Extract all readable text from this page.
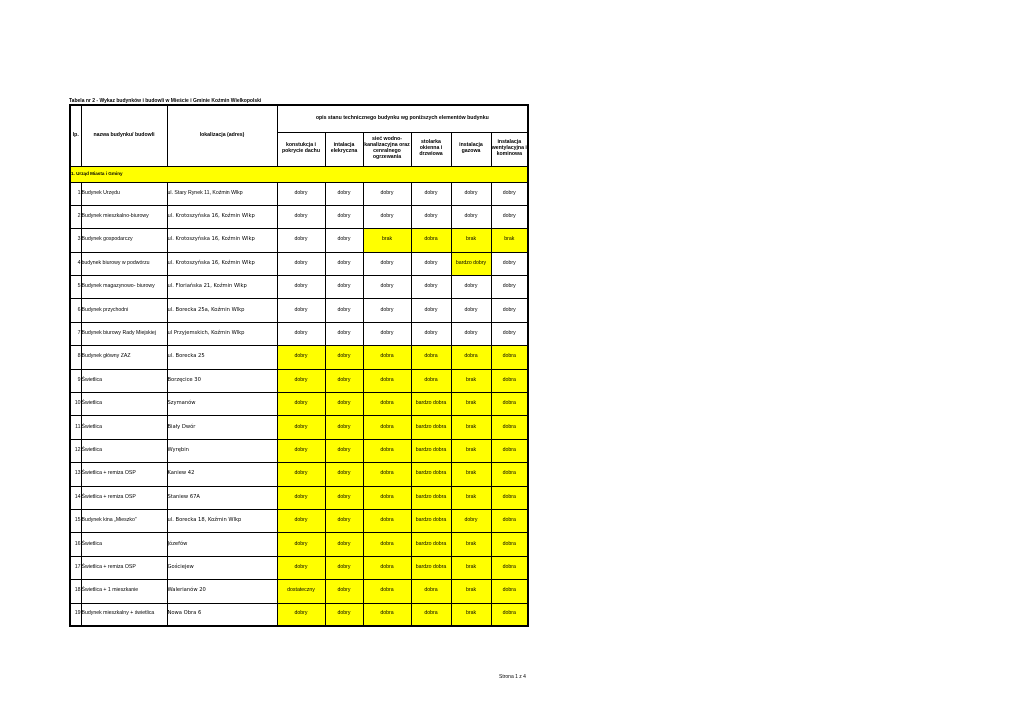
Tabela nr 2 - Wykaz budynków i budowli w Mieście i Gminie Koźmin Wielkopolski
lp.	nazwa budynku/ budowli	lokalizacja (adres)	opis stanu technicznego budynku wg poniższych elementów budynku					
			konstukcja i pokrycie dachu	intalacja elekryczna	sieć wodno-kanalizacyjna oraz cenralnego ogrzewania	stolarka okienna i drzwiowa	instalacja gazowa	instalacja wentylacyjna i kominowa
1. Urząd Miasta i Gminy								
1	Budynek Urzędu	ul. Stary Rynek 11, Koźmin Wlkp	dobry	dobry	dobry	dobry	dobry	dobry
2	Budynek mieszkalno-biurowy	ul. Krotoszyńska 16, Koźmin Wlkp	dobry	dobry	dobry	dobry	dobry	dobry
3	Budynek gospodarczy	ul. Krotoszyńska 16, Koźmin Wlkp	dobry	dobry	brak	dobra	brak	brak
4	budynek biurowy w podwórzu	ul. Krotoszyńska 16, Koźmin Wlkp	dobry	dobry	dobry	dobry	bardzo dobry	dobry
5	Budynek magazynowo- biurowy	ul. Floriańska 21, Koźmin Wlkp	dobry	dobry	dobry	dobry	dobry	dobry
6	Budynek przychodni	ul. Borecka 25a, Koźmin Wlkp	dobry	dobry	dobry	dobry	dobry	dobry
7	Budynek biurowy Rady Miejskiej	ul Przyjemskich, Koźmin Wlkp	dobry	dobry	dobry	dobry	dobry	dobry
8	Budynek główny ZAZ	ul. Borecka 25	dobry	dobry	dobra	dobra	dobra	dobra
9	Świetlica	Borzęcice 30	dobry	dobry	dobra	dobra	brak	dobra
10	Świetlica	Szymanów	dobry	dobry	dobra	bardzo dobra	brak	dobra
11	Świetlica	Biały Dwór	dobry	dobry	dobra	bardzo dobra	brak	dobra
12	Świetlica	Wyrębin	dobry	dobry	dobra	bardzo dobra	brak	dobra
13	Świetlica + remiza OSP	Kaniew 42	dobry	dobry	dobra	bardzo dobra	brak	dobra
14	Świetlica + remiza OSP	Staniew 67A	dobry	dobry	dobra	bardzo dobra	brak	dobra
15	Budynek kina „Mieszko”	ul. Borecka 18, Koźmin Wlkp	dobry	dobry	dobra	bardzo dobra	dobry	dobra
16	Świetlica	Józefów	dobry	dobry	dobra	bardzo dobra	brak	dobra
17	Świetlica + remiza OSP	Gościejew	dobry	dobry	dobra	bardzo dobra	brak	dobra
18	Świetlica + 1 mieszkanie	Walerianów 20	dostateczny	dobry	dobra	dobra	brak	dobra
19	Budynek mieszkalny + świetlica	Nowa Obra 6	dobry	dobry	dobra	dobra	brak	dobra
Strona 1 z 4
